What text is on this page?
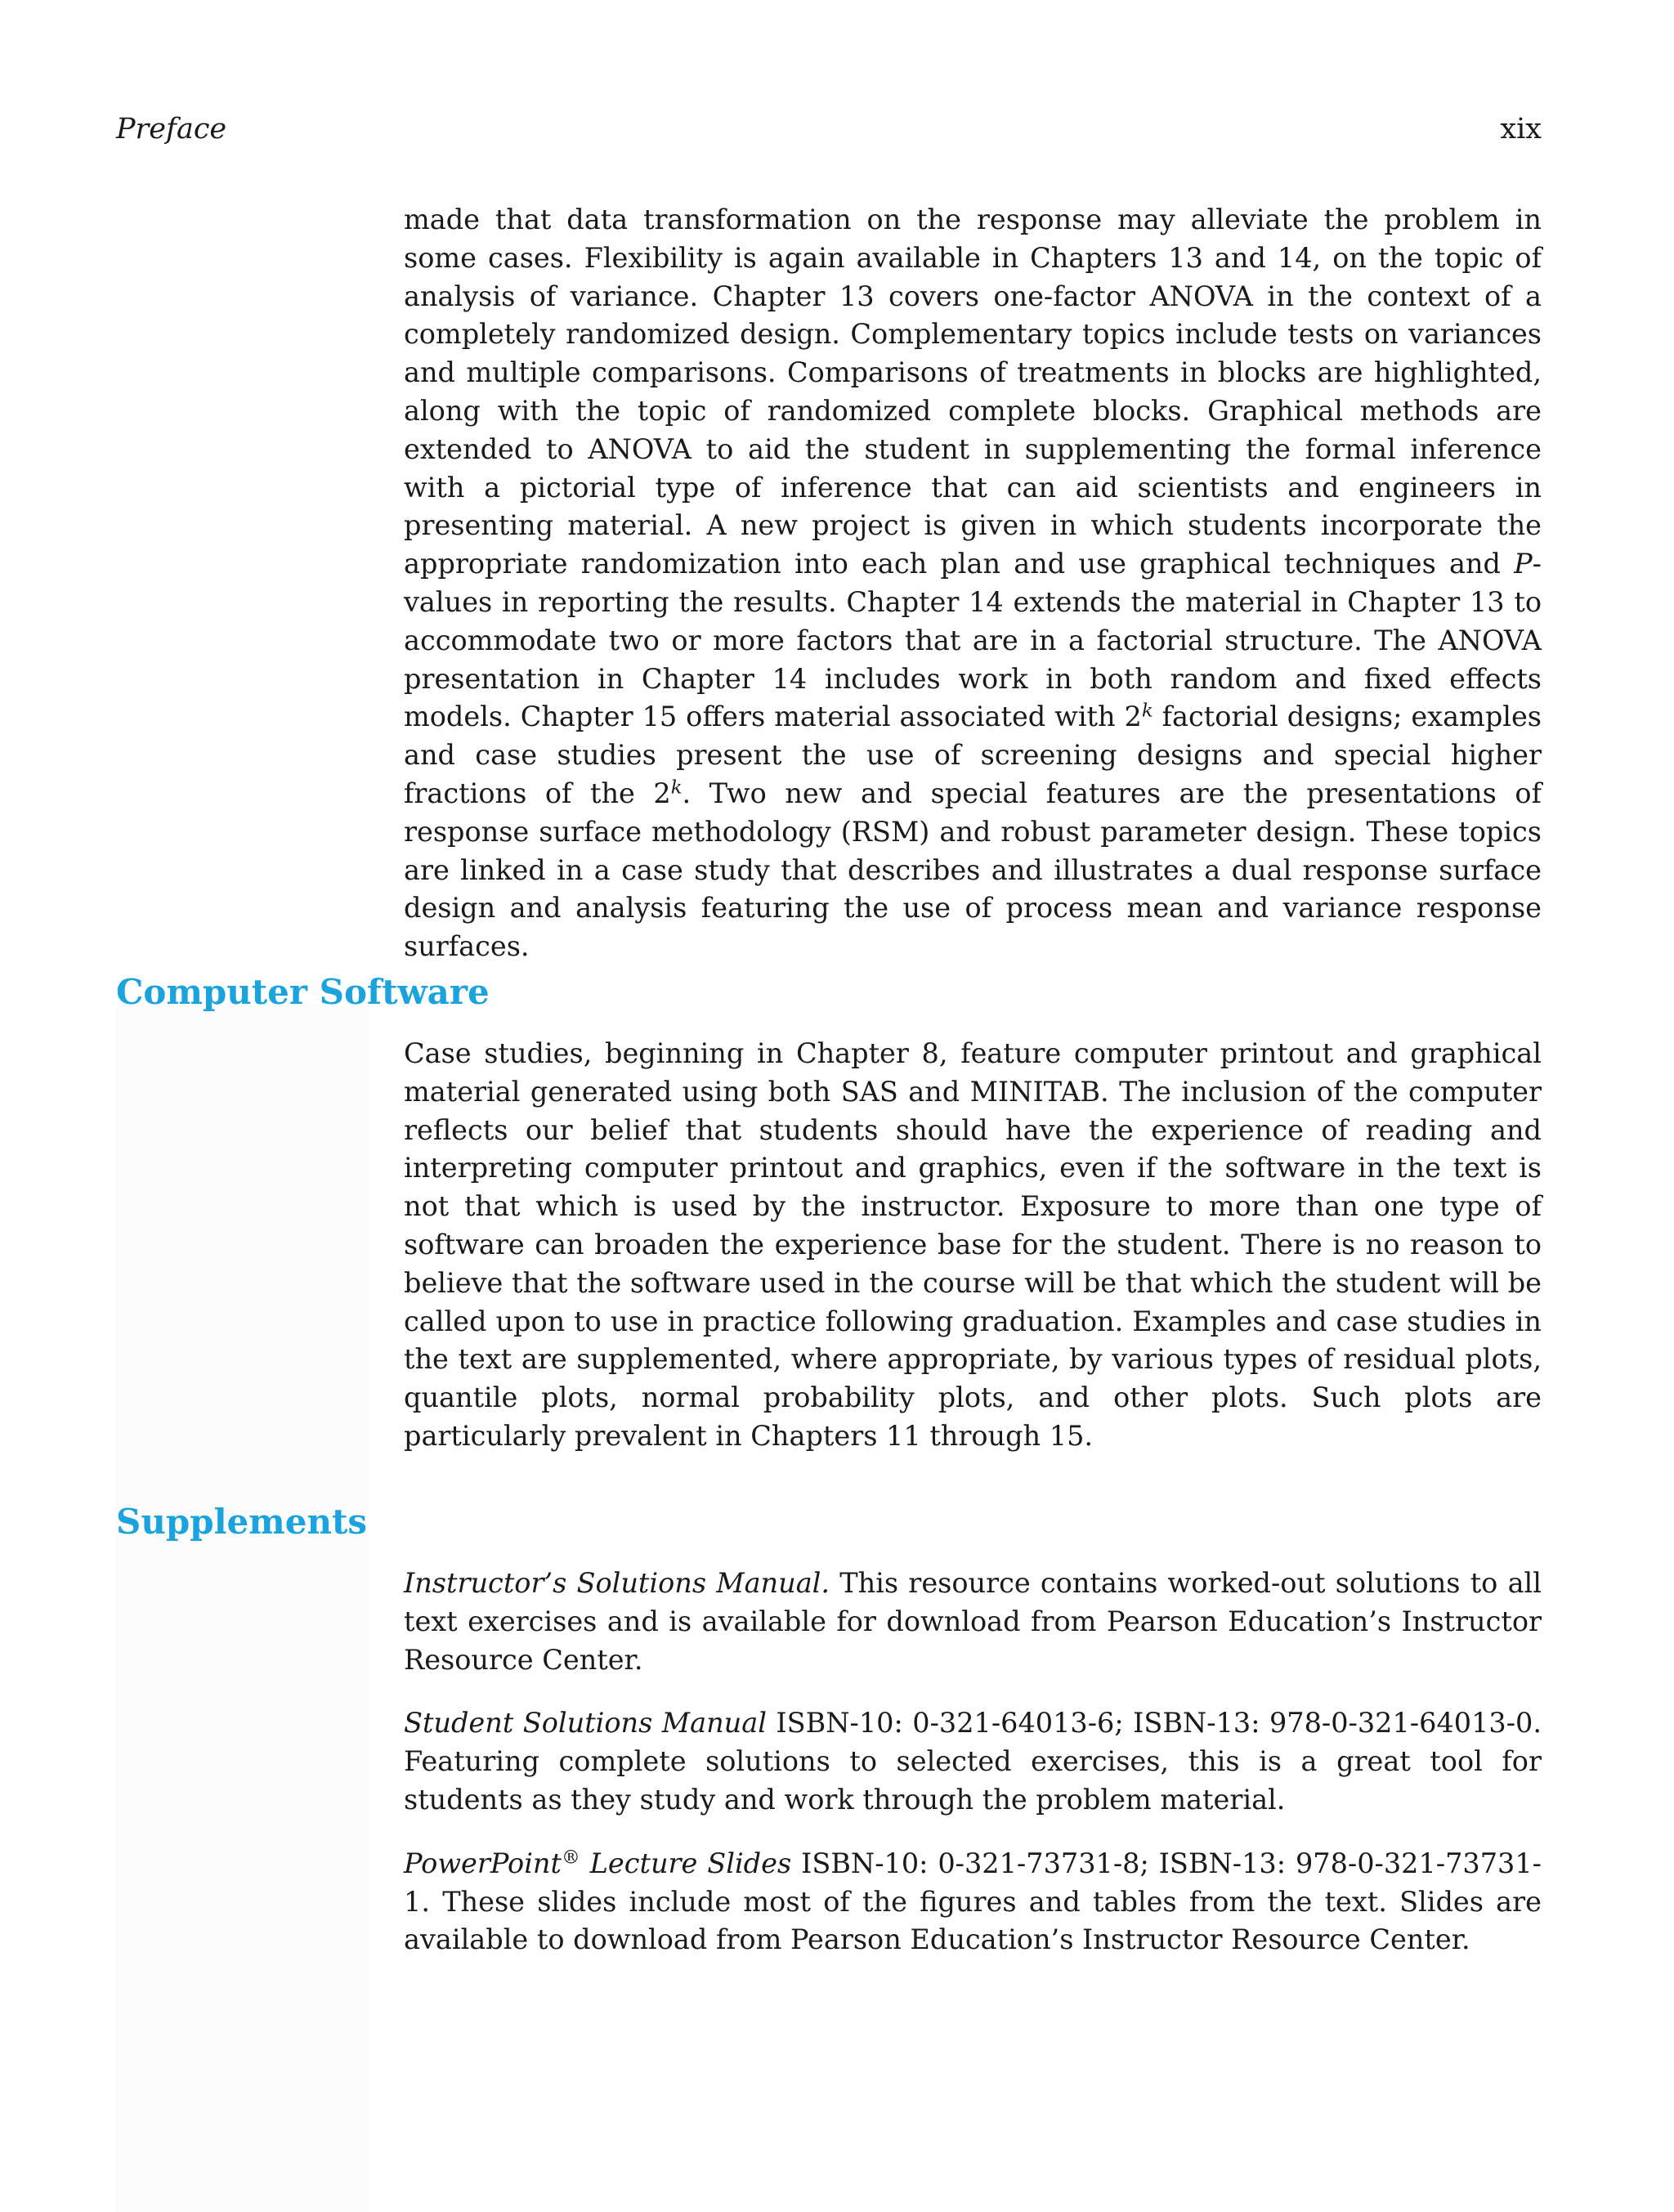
Preface	xix

made that data transformation on the response may alleviate the problem in some cases. Flexibility is again available in Chapters 13 and 14, on the topic of analysis of variance. Chapter 13 covers one-factor ANOVA in the context of a completely randomized design. Complementary topics include tests on variances and multiple comparisons. Comparisons of treatments in blocks are highlighted, along with the topic of randomized complete blocks. Graphical methods are extended to ANOVA to aid the student in supplementing the formal inference with a pictorial type of inference that can aid scientists and engineers in presenting material. A new project is given in which students incorporate the appropriate randomization into each plan and use graphical techniques and P-values in reporting the results. Chapter 14 extends the material in Chapter 13 to accommodate two or more factors that are in a factorial structure. The ANOVA presentation in Chapter 14 includes work in both random and fixed effects models. Chapter 15 offers material associated with 2$^k$ factorial designs; examples and case studies present the use of screening designs and special higher fractions of the 2$^k$. Two new and special features are the presentations of response surface methodology (RSM) and robust parameter design. These topics are linked in a case study that describes and illustrates a dual response surface design and analysis featuring the use of process mean and variance response surfaces.

Computer Software

Case studies, beginning in Chapter 8, feature computer printout and graphical material generated using both SAS and MINITAB. The inclusion of the computer reflects our belief that students should have the experience of reading and interpreting computer printout and graphics, even if the software in the text is not that which is used by the instructor. Exposure to more than one type of software can broaden the experience base for the student. There is no reason to believe that the software used in the course will be that which the student will be called upon to use in practice following graduation. Examples and case studies in the text are supplemented, where appropriate, by various types of residual plots, quantile plots, normal probability plots, and other plots. Such plots are particularly prevalent in Chapters 11 through 15.

Supplements

Instructor’s Solutions Manual. This resource contains worked-out solutions to all text exercises and is available for download from Pearson Education’s Instructor Resource Center.

Student Solutions Manual ISBN-10: 0-321-64013-6; ISBN-13: 978-0-321-64013-0. Featuring complete solutions to selected exercises, this is a great tool for students as they study and work through the problem material.

PowerPoint® Lecture Slides ISBN-10: 0-321-73731-8; ISBN-13: 978-0-321-73731-1. These slides include most of the figures and tables from the text. Slides are available to download from Pearson Education’s Instructor Resource Center.
